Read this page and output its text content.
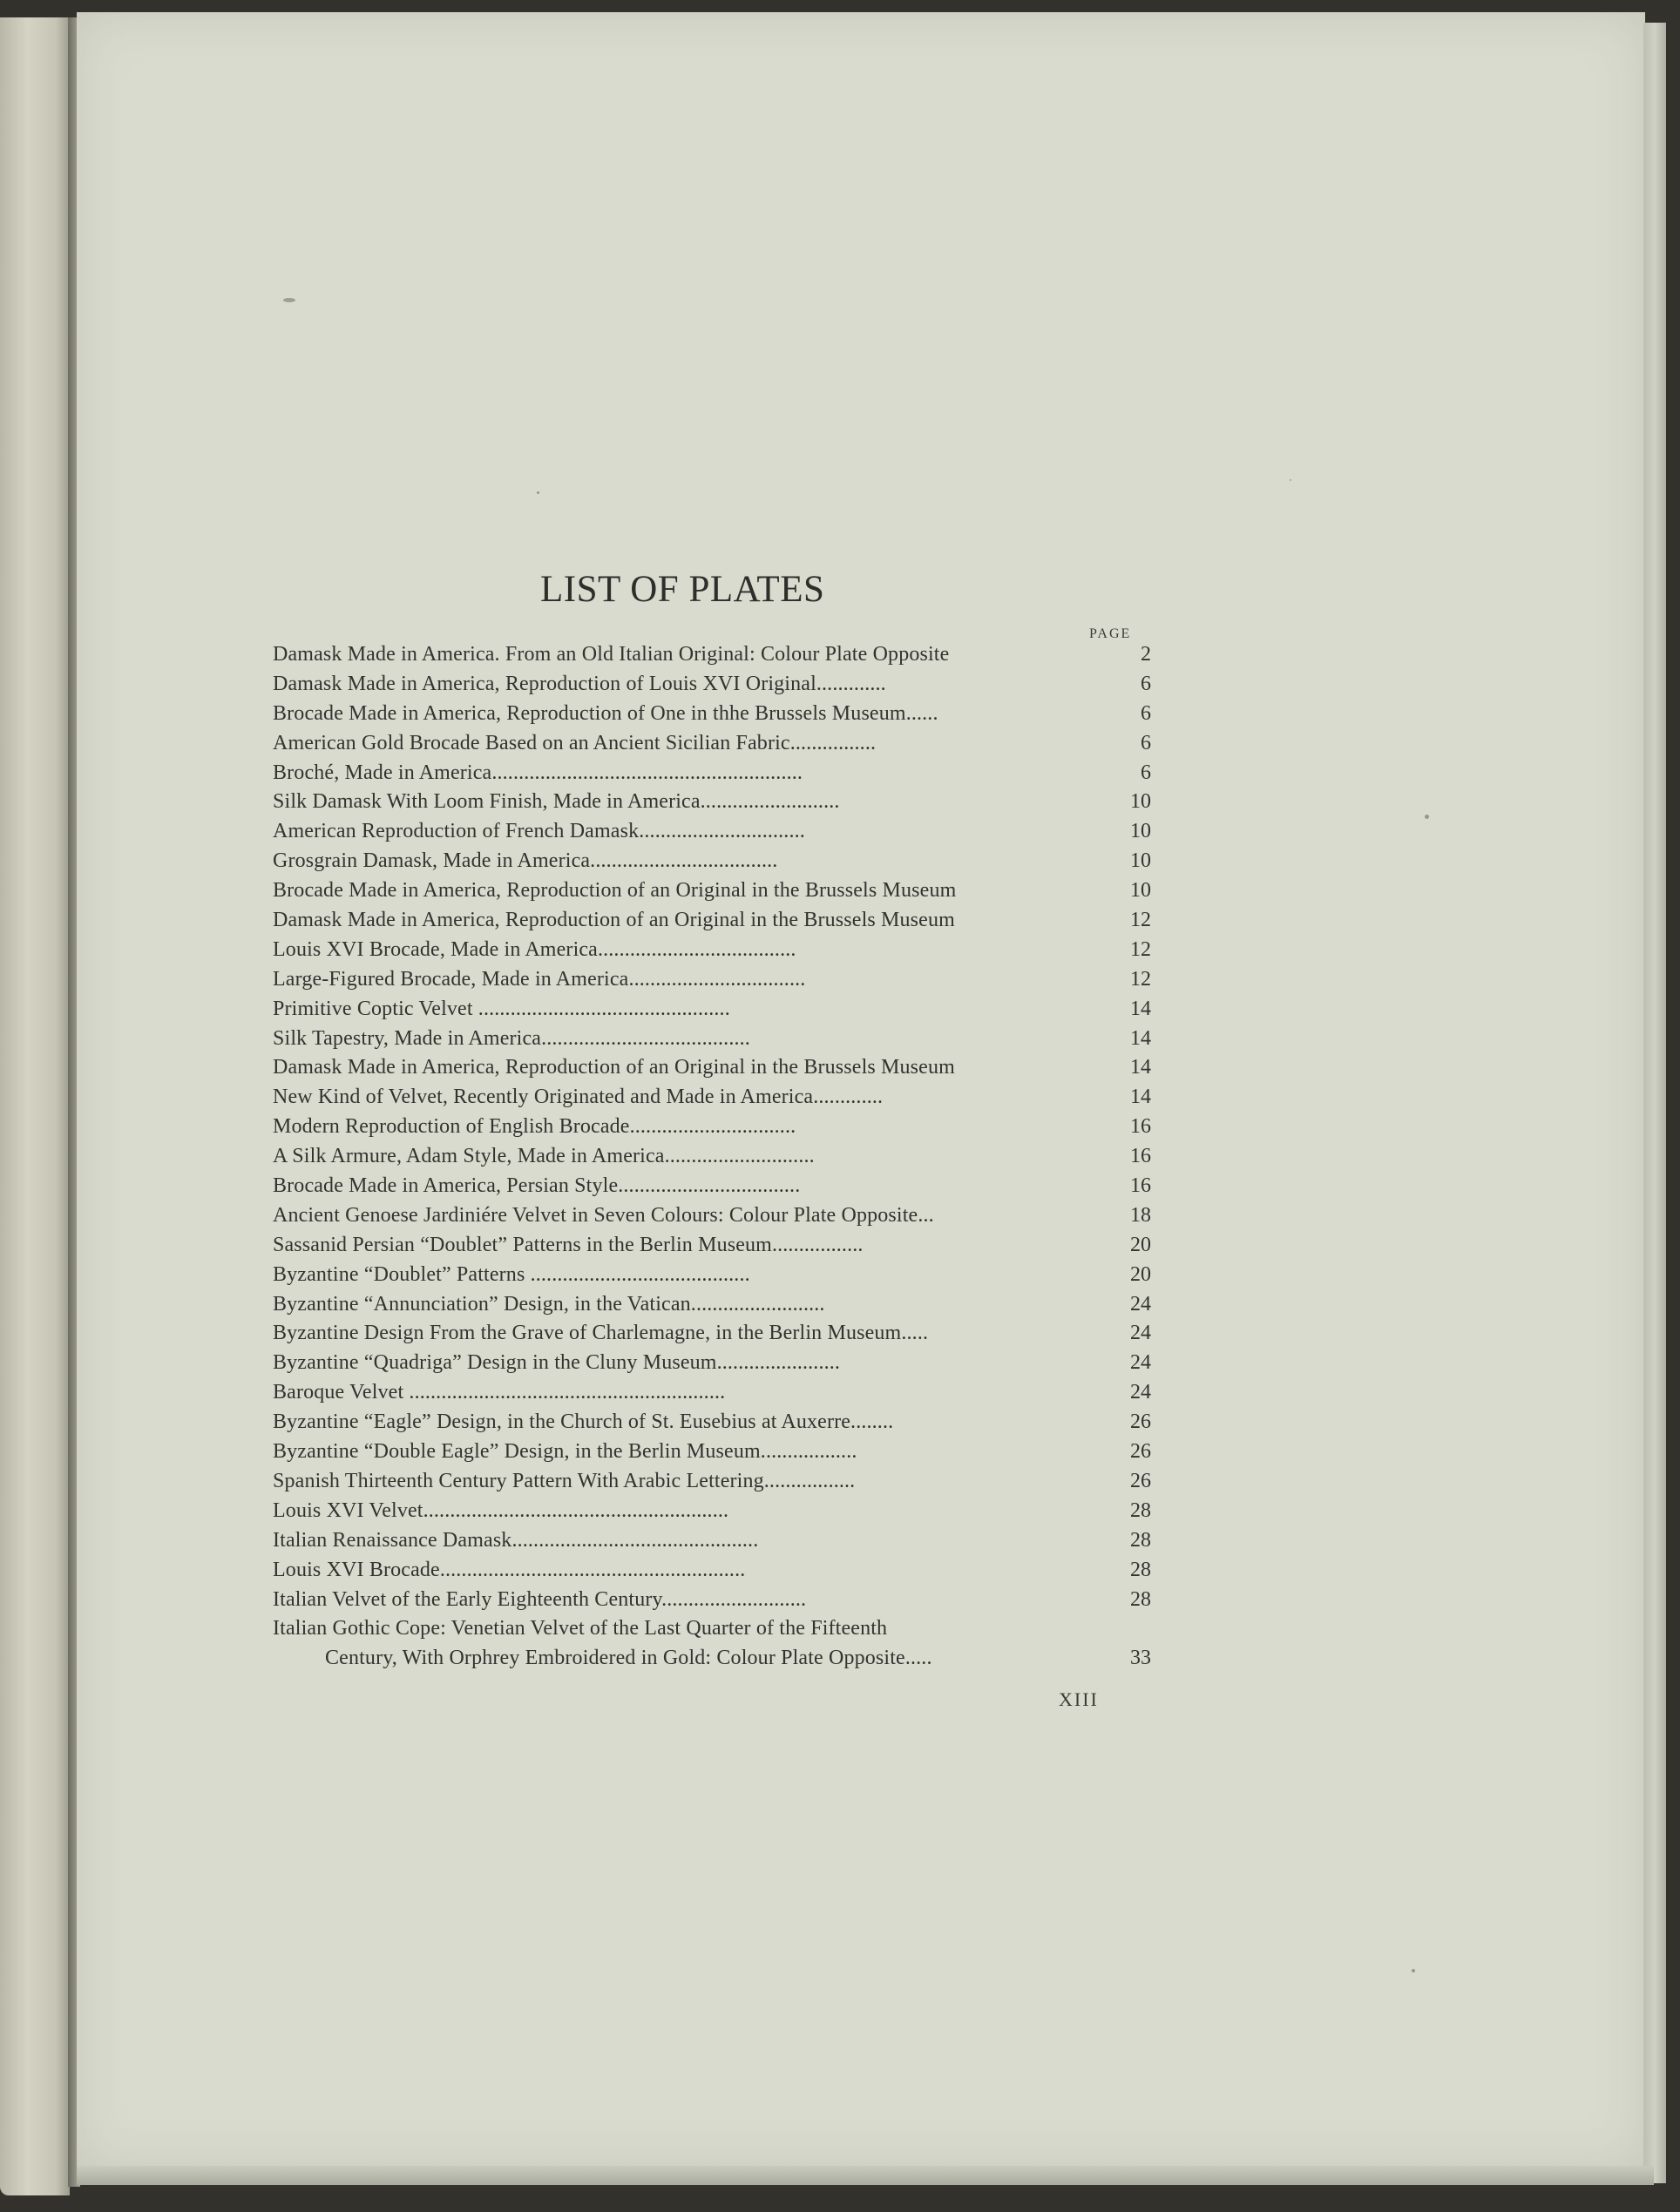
LIST OF PLATES
PAGE
Damask Made in America. From an Old Italian Original: Colour Plate Opposite	2
Damask Made in America, Reproduction of Louis XVI Original.............	6
Brocade Made in America, Reproduction of One in thhe Brussels Museum......	6
American Gold Brocade Based on an Ancient Sicilian Fabric................	6
Broché, Made in America..........................................................	6
Silk Damask With Loom Finish, Made in America..........................	10
American Reproduction of French Damask...............................	10
Grosgrain Damask, Made in America...................................	10
Brocade Made in America, Reproduction of an Original in the Brussels Museum	10
Damask Made in America, Reproduction of an Original in the Brussels Museum	12
Louis XVI Brocade, Made in America.....................................	12
Large-Figured Brocade, Made in America.................................	12
Primitive Coptic Velvet ...............................................	14
Silk Tapestry, Made in America.......................................	14
Damask Made in America, Reproduction of an Original in the Brussels Museum	14
New Kind of Velvet, Recently Originated and Made in America.............	14
Modern Reproduction of English Brocade...............................	16
A Silk Armure, Adam Style, Made in America............................	16
Brocade Made in America, Persian Style..................................	16
Ancient Genoese Jardiniére Velvet in Seven Colours: Colour Plate Opposite...	18
Sassanid Persian “Doublet” Patterns in the Berlin Museum.................	20
Byzantine “Doublet” Patterns .........................................	20
Byzantine “Annunciation” Design, in the Vatican.........................	24
Byzantine Design From the Grave of Charlemagne, in the Berlin Museum.....	24
Byzantine “Quadriga” Design in the Cluny Museum.......................	24
Baroque Velvet ...........................................................	24
Byzantine “Eagle” Design, in the Church of St. Eusebius at Auxerre........	26
Byzantine “Double Eagle” Design, in the Berlin Museum..................	26
Spanish Thirteenth Century Pattern With Arabic Lettering.................	26
Louis XVI Velvet.........................................................	28
Italian Renaissance Damask..............................................	28
Louis XVI Brocade.........................................................	28
Italian Velvet of the Early Eighteenth Century...........................	28
Italian Gothic Cope: Venetian Velvet of the Last Quarter of the Fifteenth
Century, With Orphrey Embroidered in Gold: Colour Plate Opposite.....	33
XIII
